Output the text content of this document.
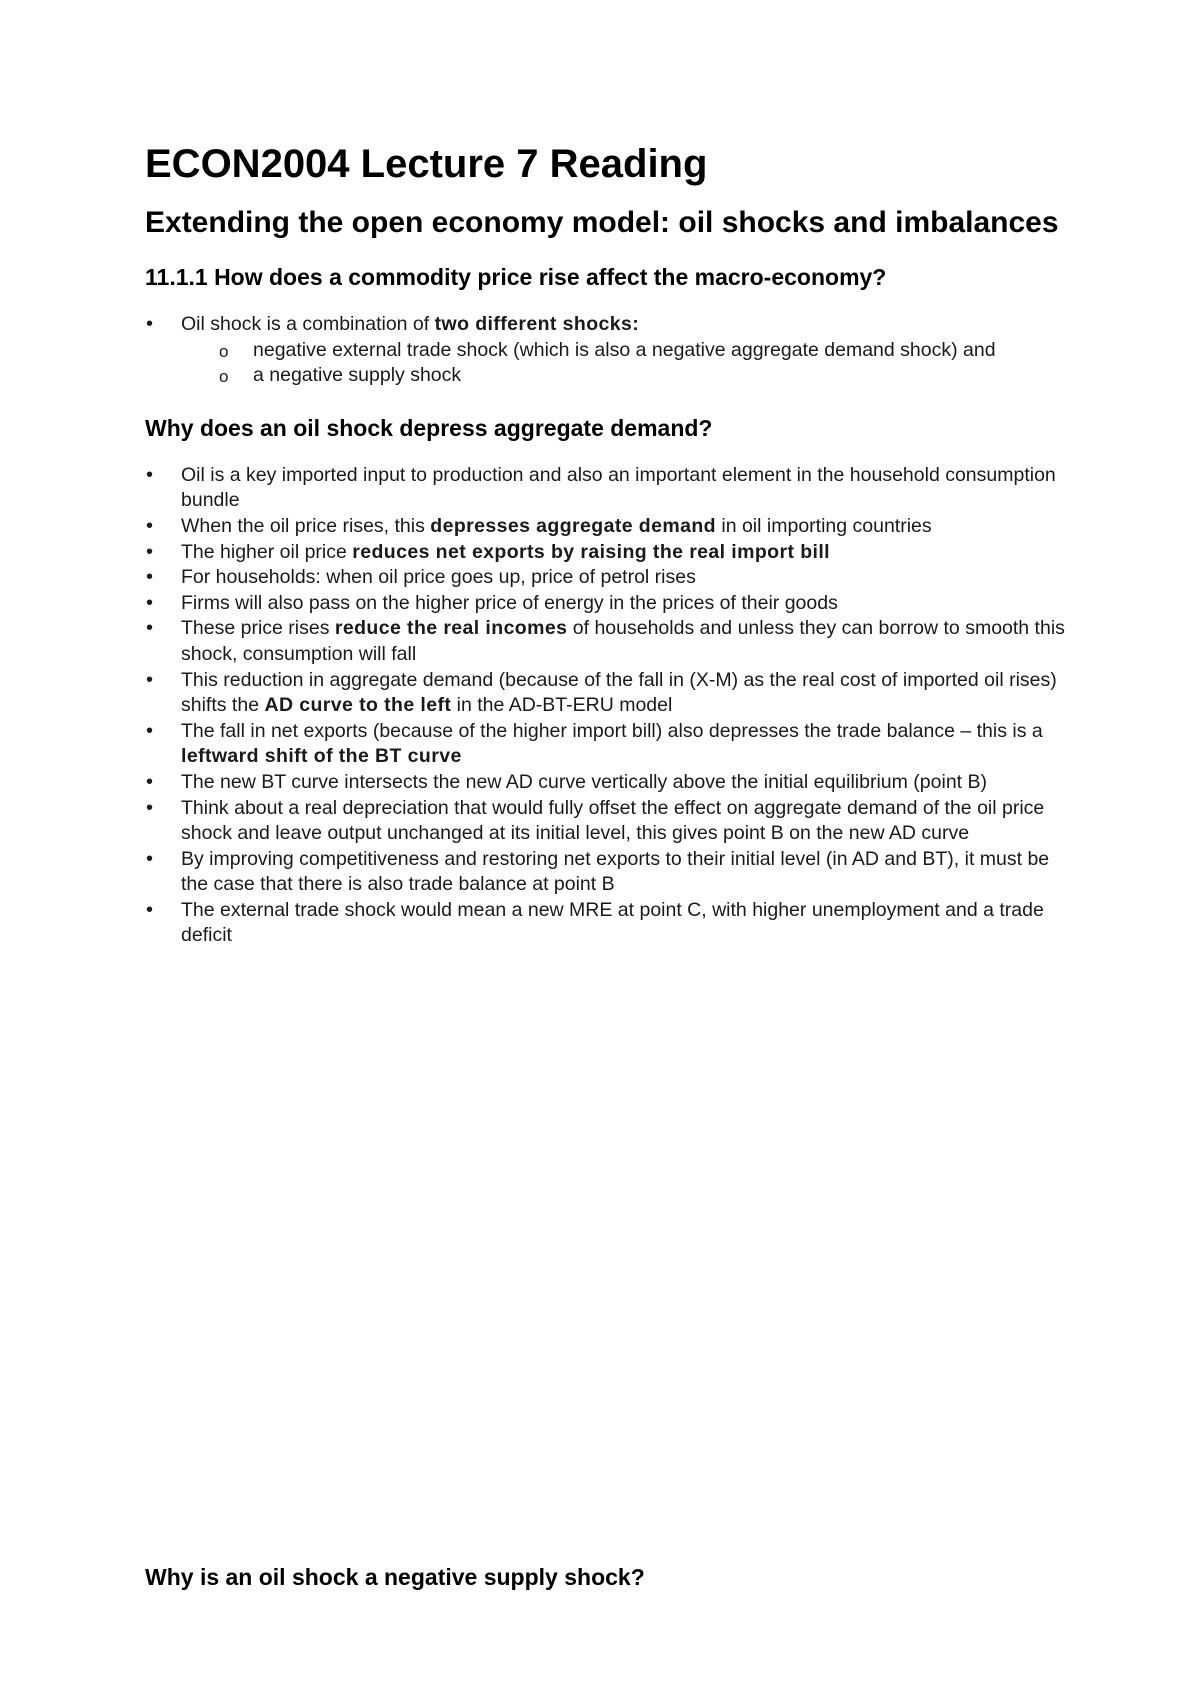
ECON2004 Lecture 7 Reading
Extending the open economy model: oil shocks and imbalances
11.1.1 How does a commodity price rise affect the macro-economy?
•	Oil shock is a combination of two different shocks:
o negative external trade shock (which is also a negative aggregate demand shock) and
o a negative supply shock
Why does an oil shock depress aggregate demand?
•	Oil is a key imported input to production and also an important element in the household consumption bundle
•	When the oil price rises, this depresses aggregate demand in oil importing countries
•	The higher oil price reduces net exports by raising the real import bill
•	For households: when oil price goes up, price of petrol rises
•	Firms will also pass on the higher price of energy in the prices of their goods
•	These price rises reduce the real incomes of households and unless they can borrow to smooth this shock, consumption will fall
•	This reduction in aggregate demand (because of the fall in (X-M) as the real cost of imported oil rises) shifts the AD curve to the left in the AD-BT-ERU model
•	The fall in net exports (because of the higher import bill) also depresses the trade balance – this is a leftward shift of the BT curve
•	The new BT curve intersects the new AD curve vertically above the initial equilibrium (point B)
•	Think about a real depreciation that would fully offset the effect on aggregate demand of the oil price shock and leave output unchanged at its initial level, this gives point B on the new AD curve
•	By improving competitiveness and restoring net exports to their initial level (in AD and BT), it must be the case that there is also trade balance at point B
•	The external trade shock would mean a new MRE at point C, with higher unemployment and a trade deficit
Why is an oil shock a negative supply shock?
